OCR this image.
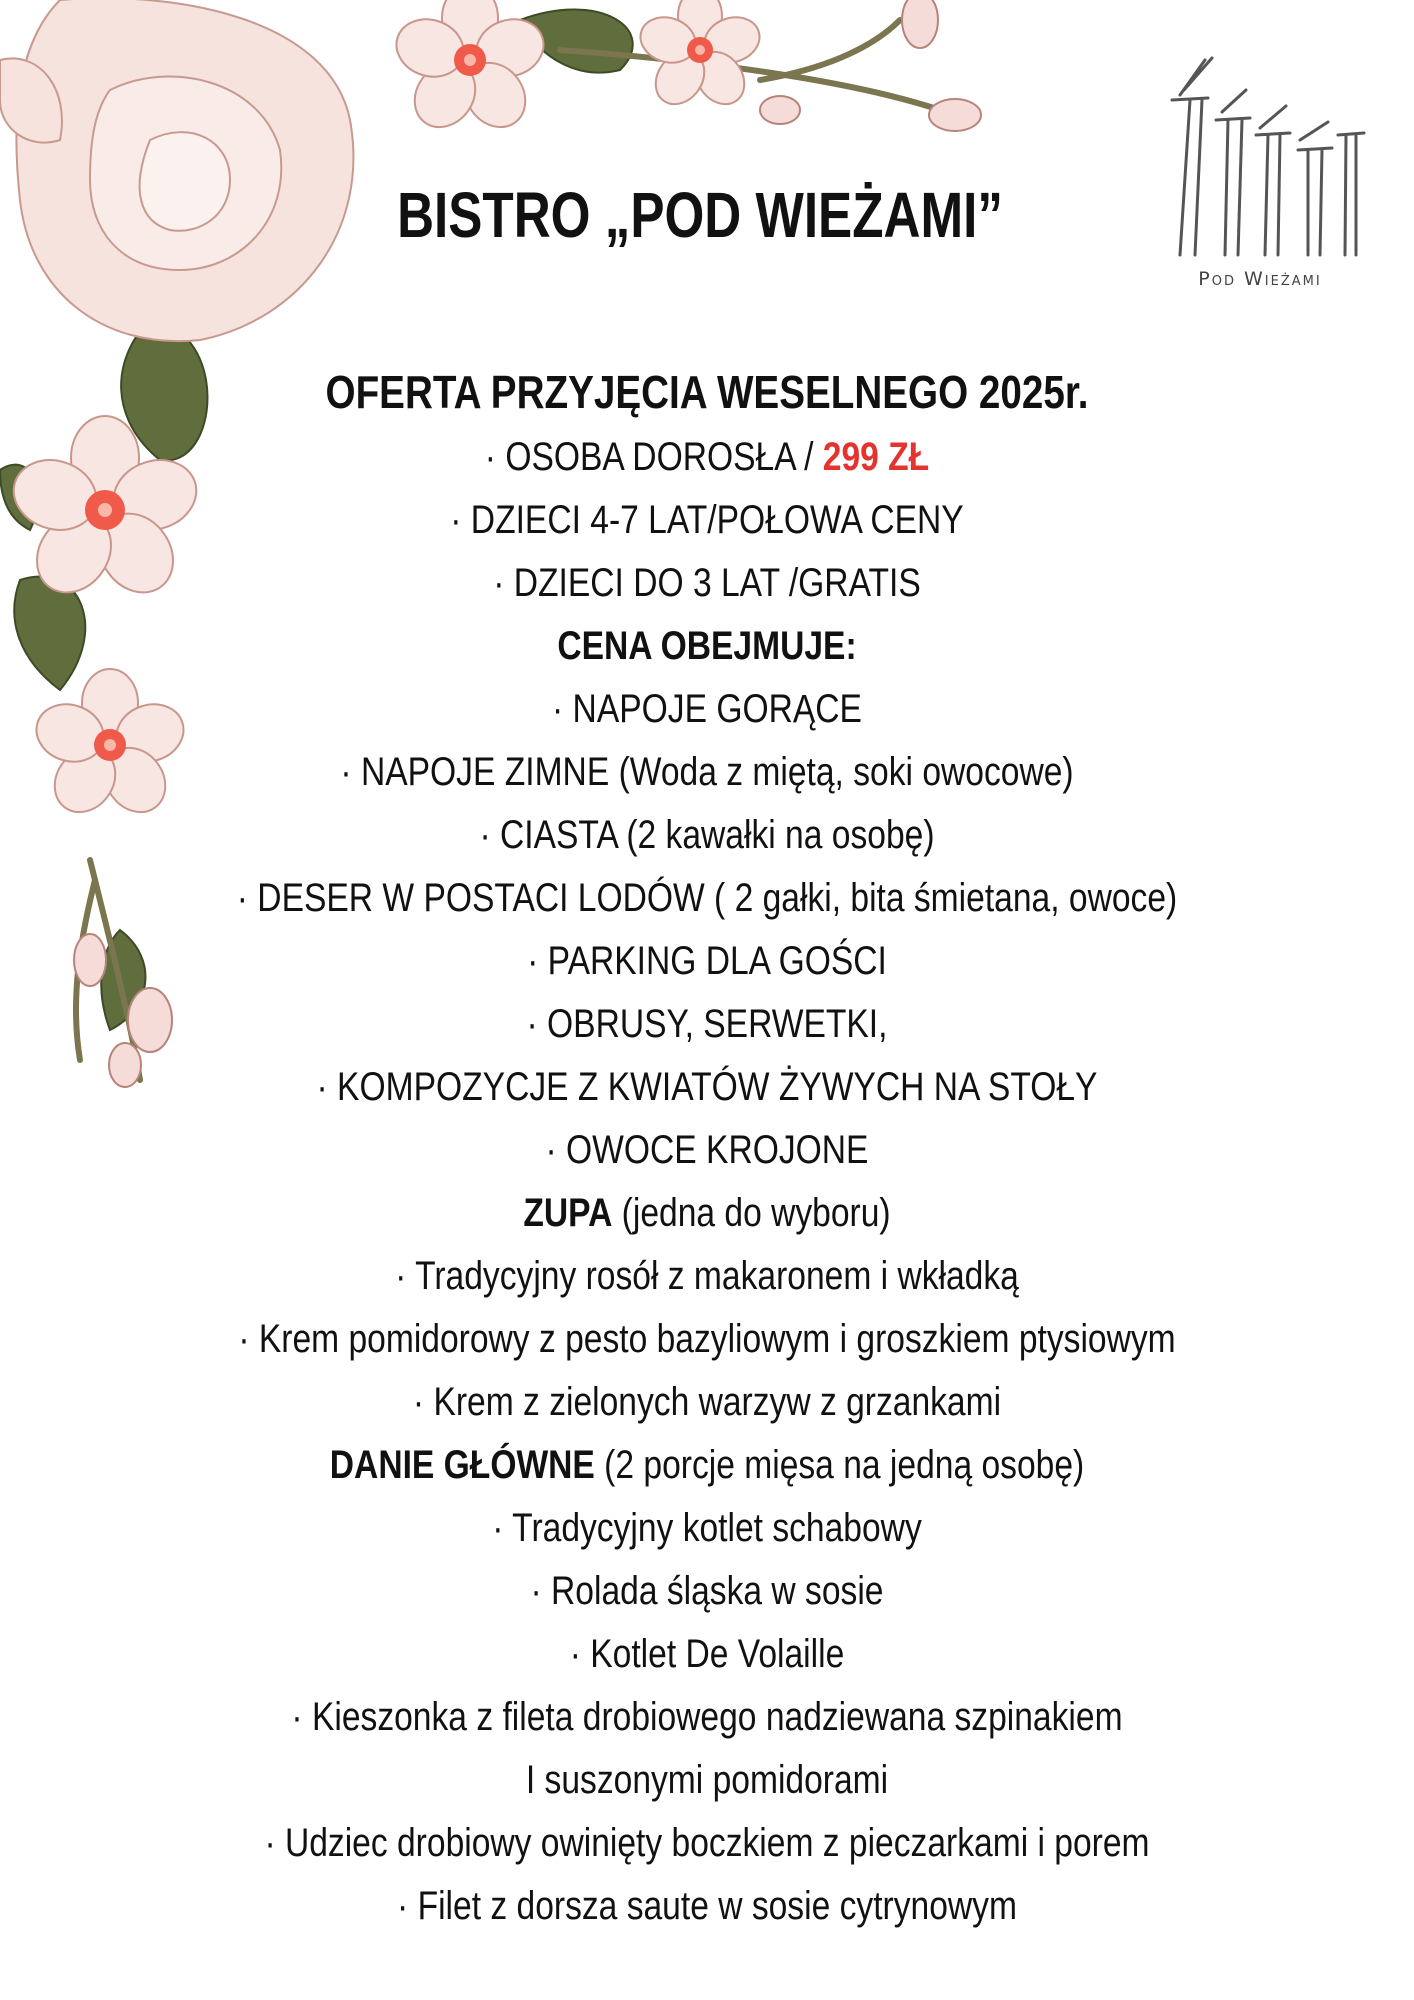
Pod Wieżami
BISTRO „POD WIEŻAMI”
OFERTA PRZYJĘCIA WESELNEGO 2025r.
· OSOBA DOROSŁA / 299 ZŁ
· DZIECI 4-7 LAT/POŁOWA CENY
· DZIECI DO 3 LAT /GRATIS
CENA OBEJMUJE:
· NAPOJE GORĄCE
· NAPOJE ZIMNE (Woda z miętą, soki owocowe)
· CIASTA (2 kawałki na osobę)
· DESER W POSTACI LODÓW ( 2 gałki, bita śmietana, owoce)
· PARKING DLA GOŚCI
· OBRUSY, SERWETKI,
· KOMPOZYCJE Z KWIATÓW ŻYWYCH NA STOŁY
· OWOCE KROJONE
ZUPA (jedna do wyboru)
· Tradycyjny rosół z makaronem i wkładką
· Krem pomidorowy z pesto bazyliowym i groszkiem ptysiowym
· Krem z zielonych warzyw z grzankami
DANIE GŁÓWNE (2 porcje mięsa na jedną osobę)
· Tradycyjny kotlet schabowy
· Rolada śląska w sosie
· Kotlet De Volaille
· Kieszonka z fileta drobiowego nadziewana szpinakiem
I suszonymi pomidorami
· Udziec drobiowy owinięty boczkiem z pieczarkami i porem
· Filet z dorsza saute w sosie cytrynowym
